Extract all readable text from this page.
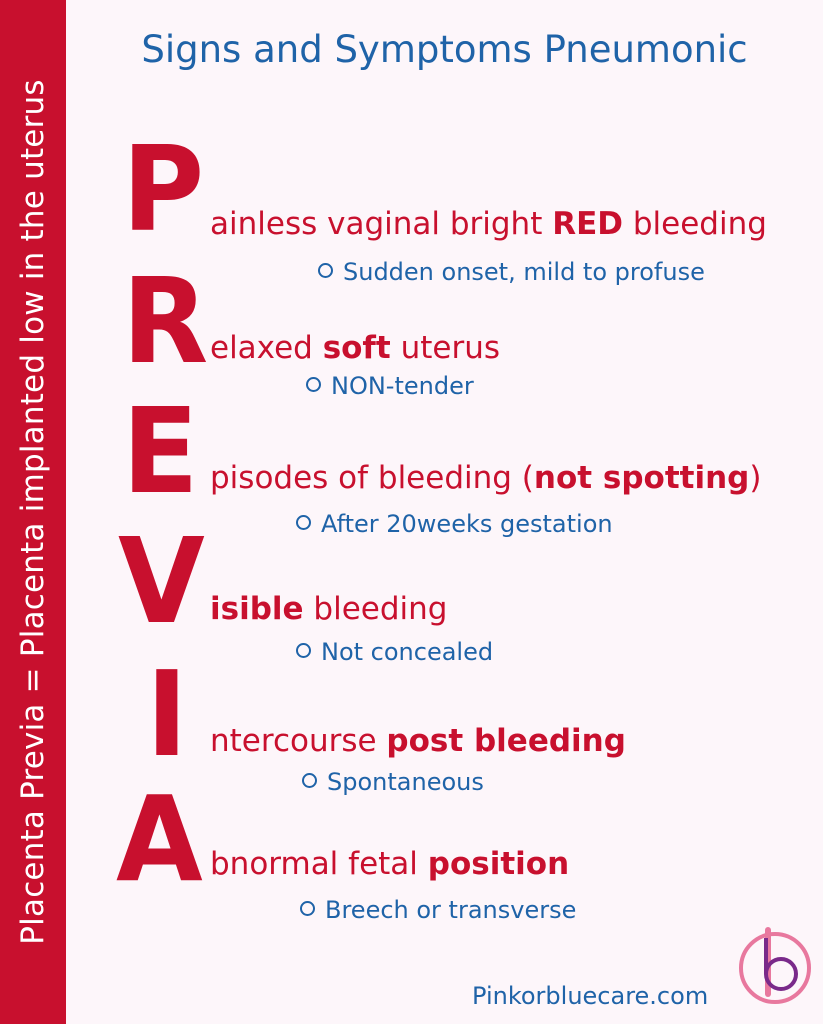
Placenta Previa = Placenta implanted low in the uterus
Signs and Symptoms Pneumonic
P
R
E
V
I
A
ainless vaginal bright RED bleeding
Sudden onset, mild to profuse
elaxed soft uterus
NON-tender
pisodes of bleeding (not spotting)
After 20weeks gestation
isible bleeding
Not concealed
ntercourse post bleeding
Spontaneous
bnormal fetal position
Breech or transverse
Pinkorbluecare.com
